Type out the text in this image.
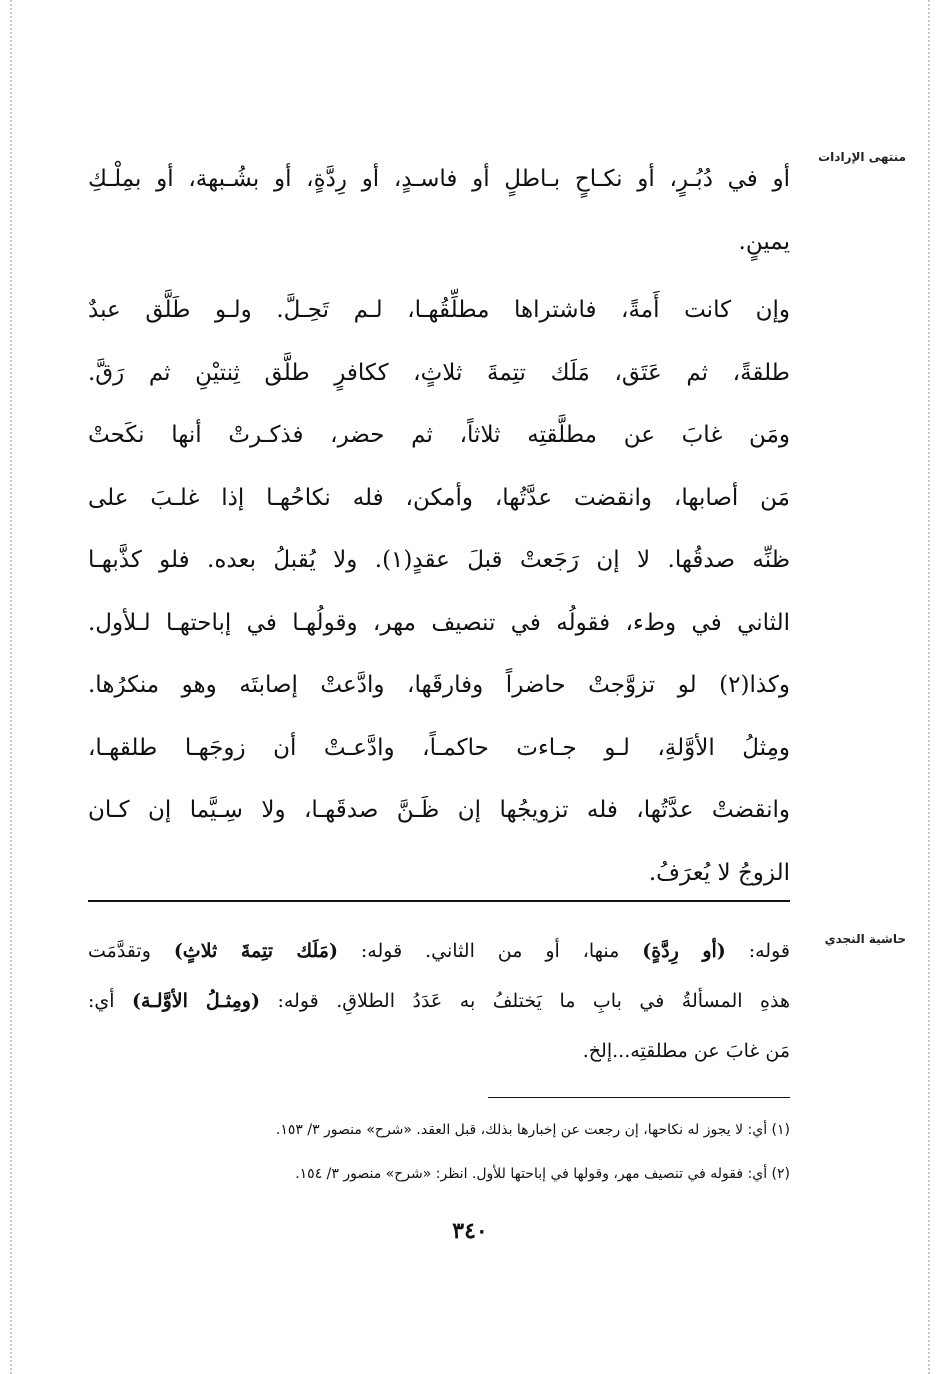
منتهى الإرادات
حاشية النجدي
أو في دُبُـرٍ، أو نكـاحٍ بـاطلٍ أو فاسـدٍ، أو رِدَّةٍ، أو بشُـبهة، أو بمِلْـكِ
يمينٍ.
وإن كانت أَمةً، فاشتراها مطلِّقُهـا، لـم تَحِـلَّ. ولـو طَلَّق عبدٌ
طلقةً، ثم عَتَق، مَلَك تتِمةَ ثلاثٍ، ككافرٍ طلَّق ثِنتيْنِ ثم رَقَّ.
ومَن غابَ عن مطلَّقتِه ثلاثاً، ثم حضر، فذكـرتْ أنها نكَحتْ
مَن أصابها، وانقضت عدَّتُها، وأمكن، فله نكاحُهـا إذا غلـبَ على
ظنِّه صدقُها. لا إن رَجَعتْ قبلَ عقدٍ(١). ولا يُقبلُ بعده. فلو كذَّبهـا
الثاني في وطء، فقولُه في تنصيف مهر، وقولُهـا في إباحتهـا لـلأول.
وكذا(٢) لو تزوَّجتْ حاضراً وفارقَها، وادَّعتْ إصابتَه وهو منكرُها.
ومِثلُ الأوَّلةِ، لـو جـاءت حاكمـاً، وادَّعـتْ أن زوجَهـا طلقهـا،
وانقضتْ عدَّتُها، فله تزويجُها إن ظَـنَّ صدقَهـا، ولا سِـيَّما إن كـان
الزوجُ لا يُعرَفُ.
قوله: (أو رِدَّةٍ) منها، أو من الثاني. قوله: (مَلَك تتِمةَ ثلاثٍ) وتقدَّمَت
هذهِ المسألةُ في بابِ ما يَختلفُ به عَدَدُ الطلاقِ. قوله: (ومِثـلُ الأوَّلـة) أي:
مَن غابَ عن مطلقتِه...إلخ.
(١) أي: لا يجوز له نكاحها، إن رجعت عن إخبارها بذلك، قبل العقد. «شرح» منصور ٣/ ١٥٣.
(٢) أي: فقوله في تنصيف مهر، وقولها في إباحتها للأول. انظر: «شرح» منصور ٣/ ١٥٤.
٣٤٠
